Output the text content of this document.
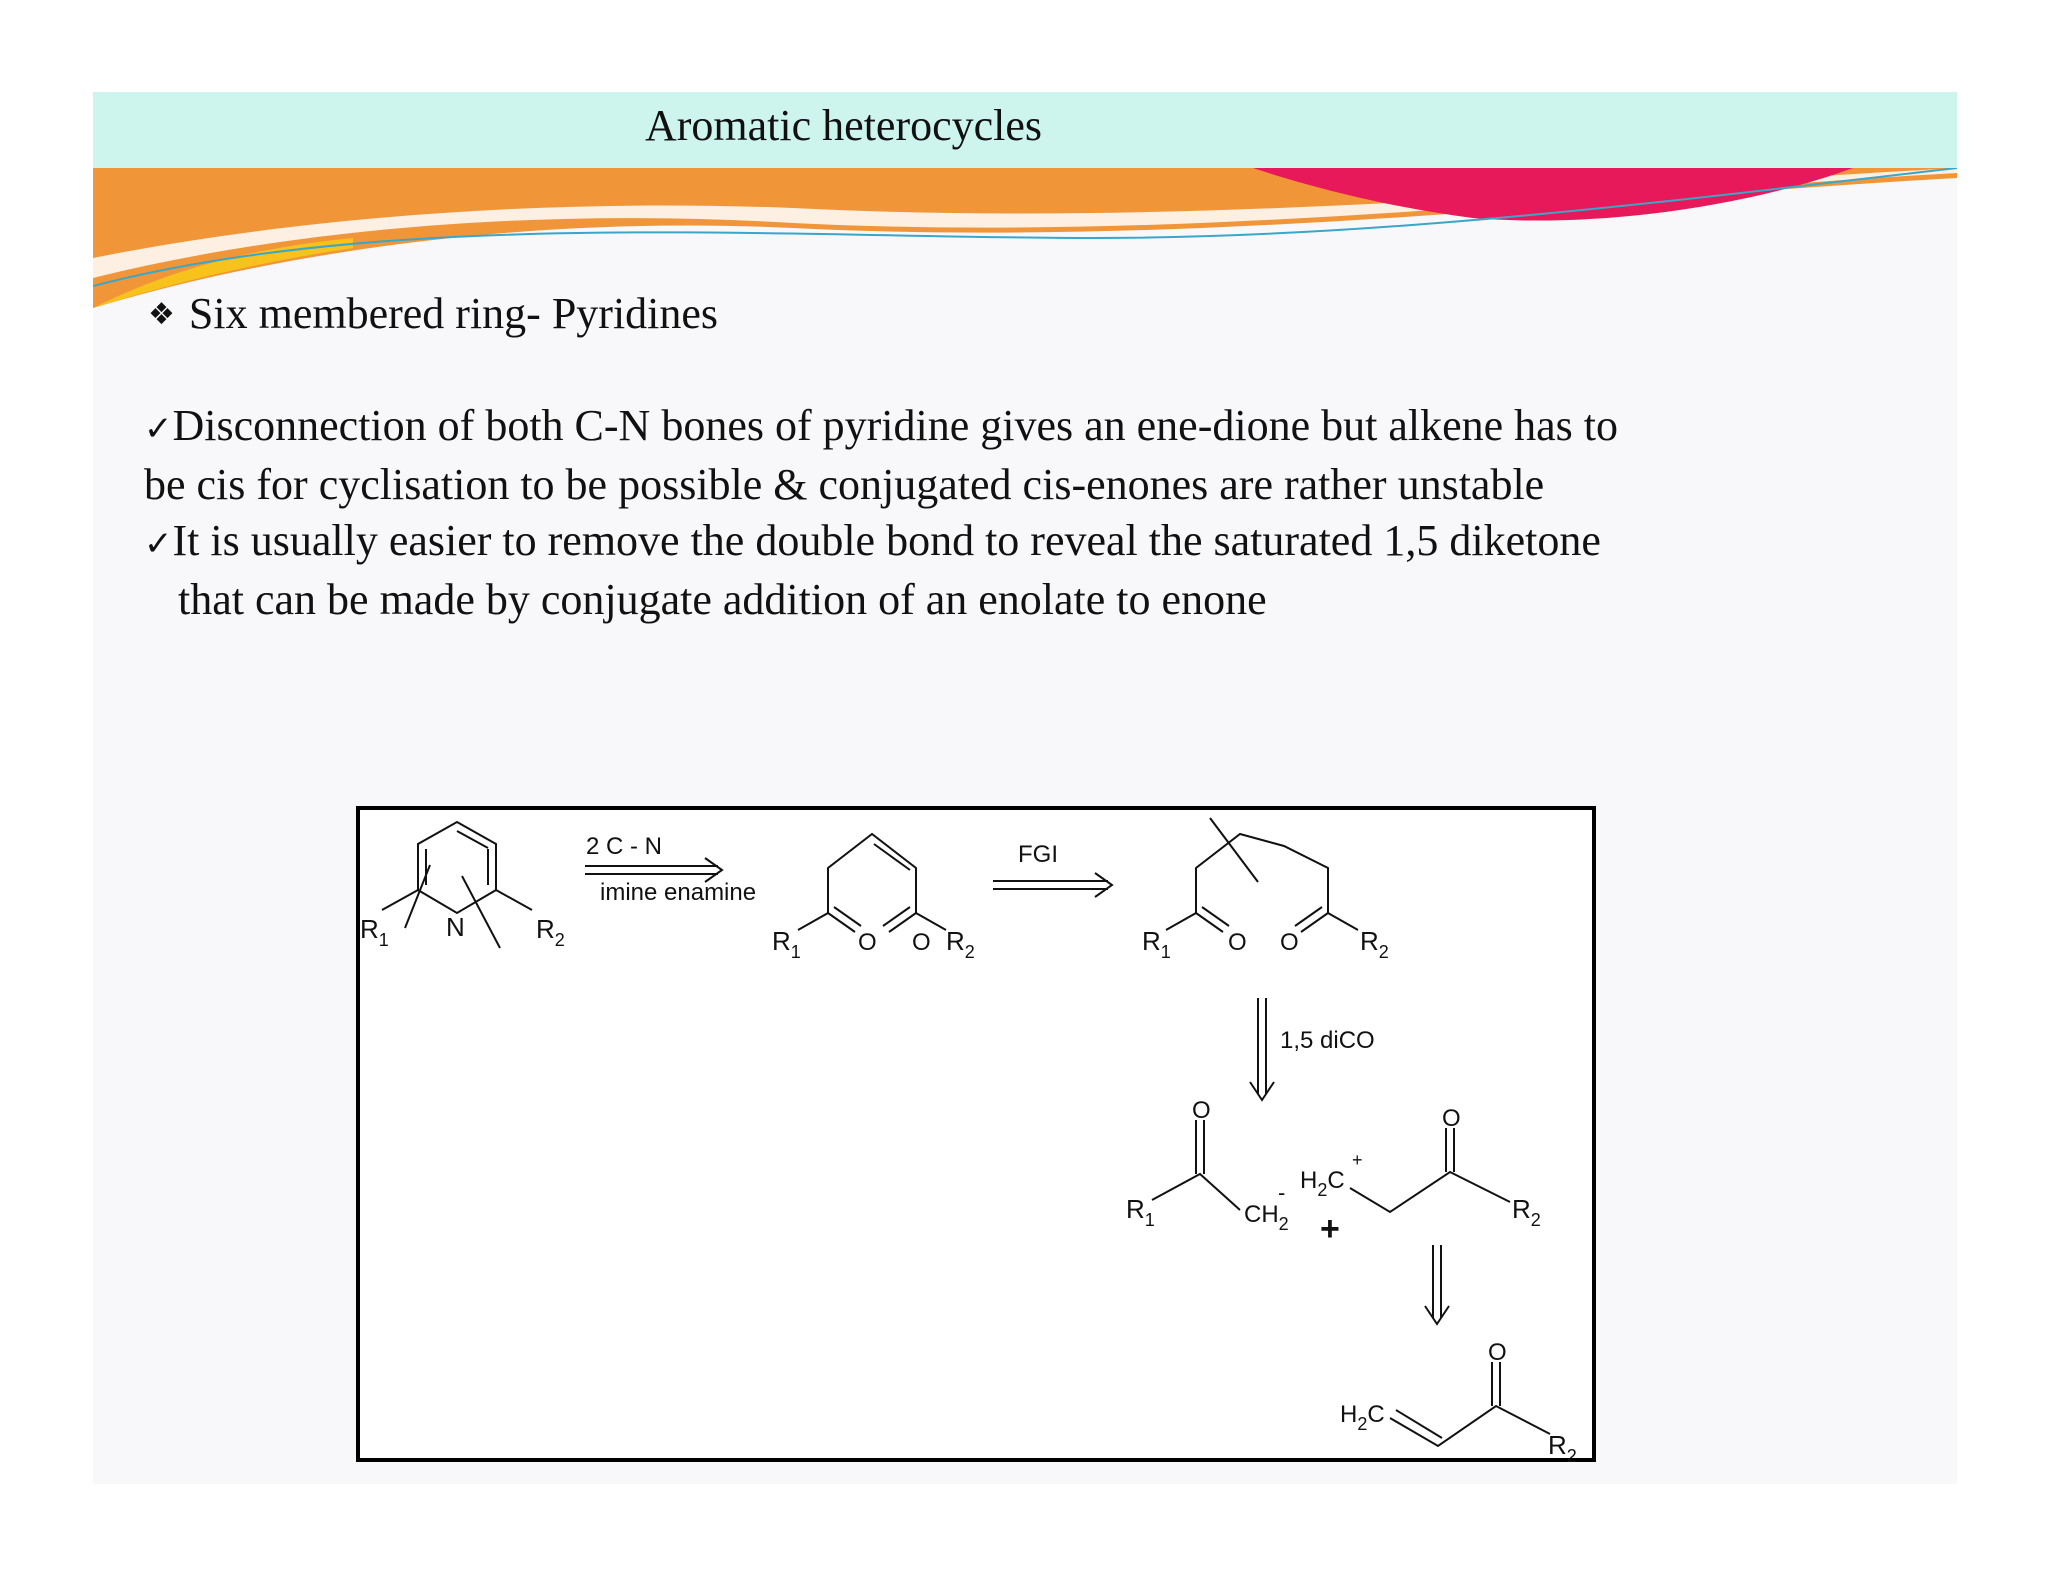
Aromatic heterocycles
❖ Six membered ring- Pyridines
✓Disconnection of both C-N bones of pyridine gives an ene-dione but alkene has to
be cis for cyclisation to be possible & conjugated cis-enones are rather unstable
✓It is usually easier to remove the double bond to reveal the saturated 1,5 diketone
that can be made by conjugate addition of an enolate to enone
$R_1$ N	$R_2$
2 C - N
imine enamine
$R_1$ O O $R_2$
FGI
$R_1$ O O $R_2$
1,5 diCO
O
$R_1$	$CH_2$
- $H_2C$
+
+
O
$R_2$
O
$H_2C$
$R_2$
